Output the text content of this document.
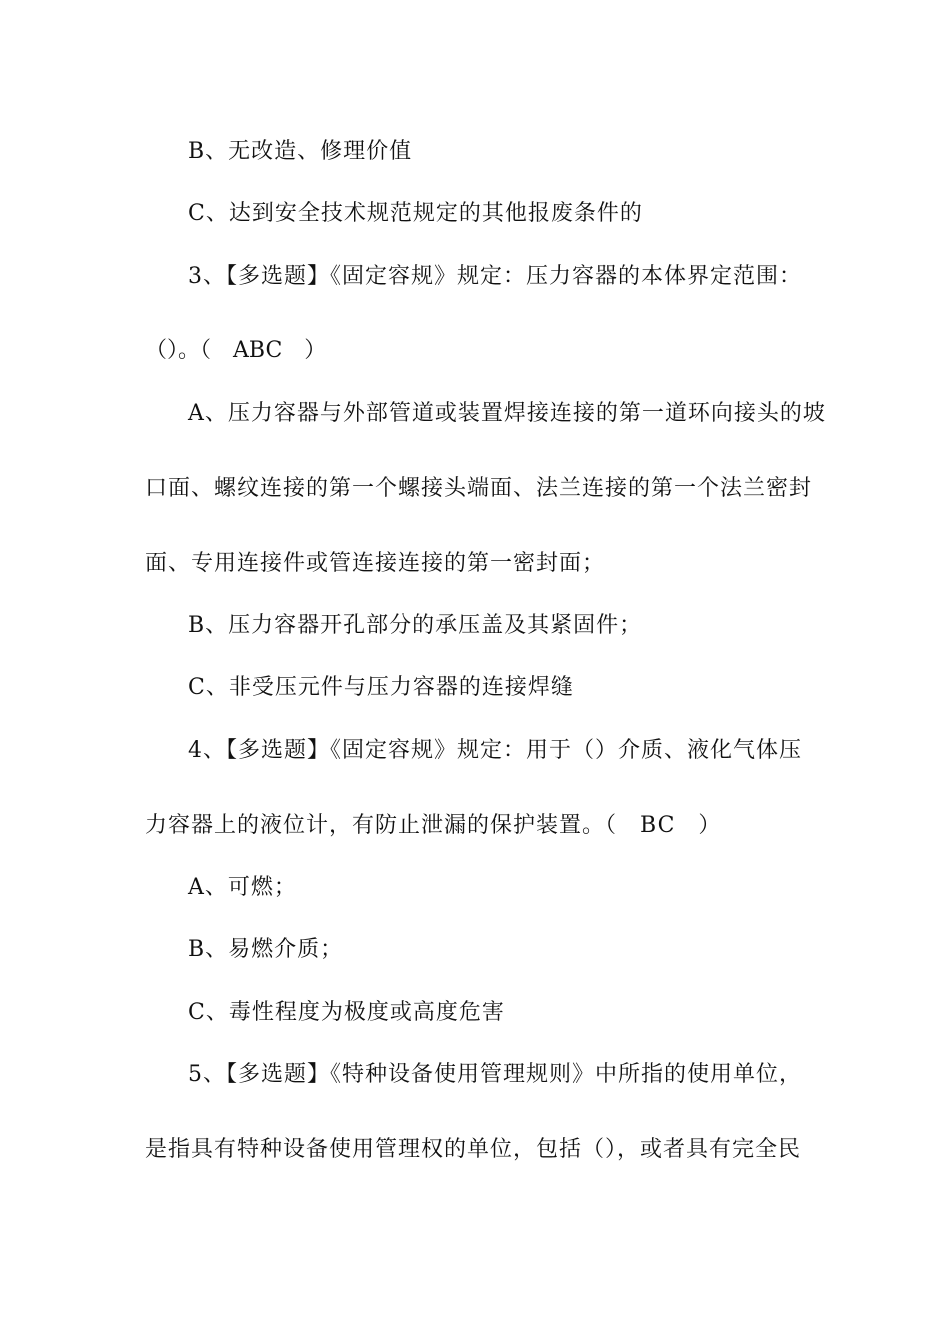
B、无改造、修理价值
C、达到安全技术规范规定的其他报废条件的
3、【多选题】《固定容规》规定：压力容器的本体界定范围：
（）。（　ABC　）
A、压力容器与外部管道或装置焊接连接的第一道环向接头的坡
口面、螺纹连接的第一个螺接头端面、法兰连接的第一个法兰密封
面、专用连接件或管连接连接的第一密封面；
B、压力容器开孔部分的承压盖及其紧固件；
C、非受压元件与压力容器的连接焊缝
4、【多选题】《固定容规》规定：用于（）介质、液化气体压
力容器上的液位计，有防止泄漏的保护装置。（　BC　）
A、可燃；
B、易燃介质；
C、毒性程度为极度或高度危害
5、【多选题】《特种设备使用管理规则》中所指的使用单位，
是指具有特种设备使用管理权的单位，包括（），或者具有完全民
